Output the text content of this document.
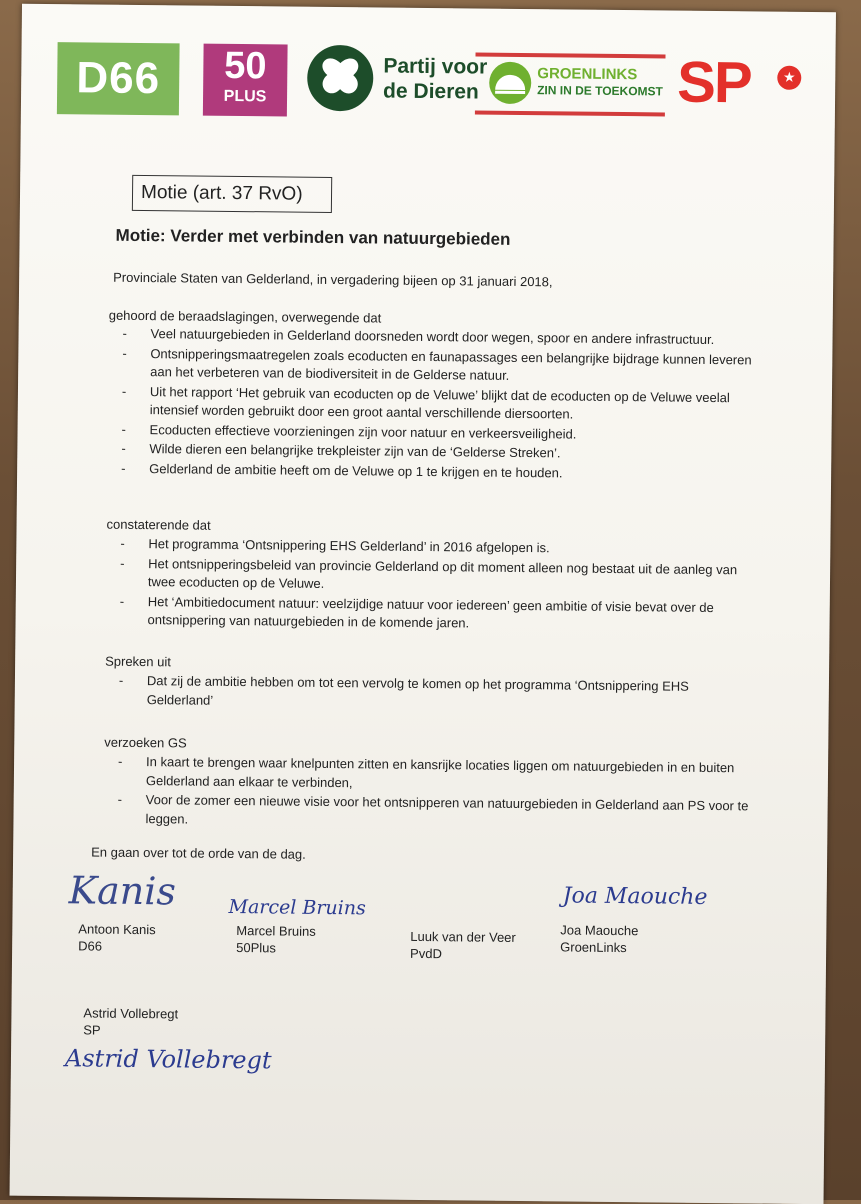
D66	50
PLUS
Partij voor
de Dieren
GROENLINKS
ZIN IN DE TOEKOMST SP	★
Motie (art. 37 RvO)
Motie: Verder met verbinden van natuurgebieden
Provinciale Staten van Gelderland, in vergadering bijeen op 31 januari 2018,
gehoord de beraadslagingen, overwegende dat
- Veel natuurgebieden in Gelderland doorsneden wordt door wegen, spoor en andere infrastructuur.
- Ontsnipperingsmaatregelen zoals ecoducten en faunapassages een belangrijke bijdrage kunnen leveren aan het verbeteren van de biodiversiteit in de Gelderse natuur.
- Uit het rapport ‘Het gebruik van ecoducten op de Veluwe’ blijkt dat de ecoducten op de Veluwe veelal intensief worden gebruikt door een groot aantal verschillende diersoorten.
- Ecoducten effectieve voorzieningen zijn voor natuur en verkeersveiligheid.
- Wilde dieren een belangrijke trekpleister zijn van de ‘Gelderse Streken’.
- Gelderland de ambitie heeft om de Veluwe op 1 te krijgen en te houden.
constaterende dat
- Het programma ‘Ontsnippering EHS Gelderland’ in 2016 afgelopen is.
- Het ontsnipperingsbeleid van provincie Gelderland op dit moment alleen nog bestaat uit de aanleg van twee ecoducten op de Veluwe.
- Het ‘Ambitiedocument natuur: veelzijdige natuur voor iedereen’ geen ambitie of visie bevat over de ontsnippering van natuurgebieden in de komende jaren.
Spreken uit
- Dat zij de ambitie hebben om tot een vervolg te komen op het programma ‘Ontsnippering EHS Gelderland’
verzoeken GS
- In kaart te brengen waar knelpunten zitten en kansrijke locaties liggen om natuurgebieden in en buiten Gelderland aan elkaar te verbinden,
- Voor de zomer een nieuwe visie voor het ontsnipperen van natuurgebieden in Gelderland aan PS voor te leggen.
En gaan over tot de orde van de dag.
Kanis
Antoon Kanis
D66
Marcel Bruins
Marcel Bruins
50Plus
Luuk van der Veer
PvdD
Joa Maouche
Joa Maouche
GroenLinks
Astrid Vollebregt
SP
Astrid Vollebregt
